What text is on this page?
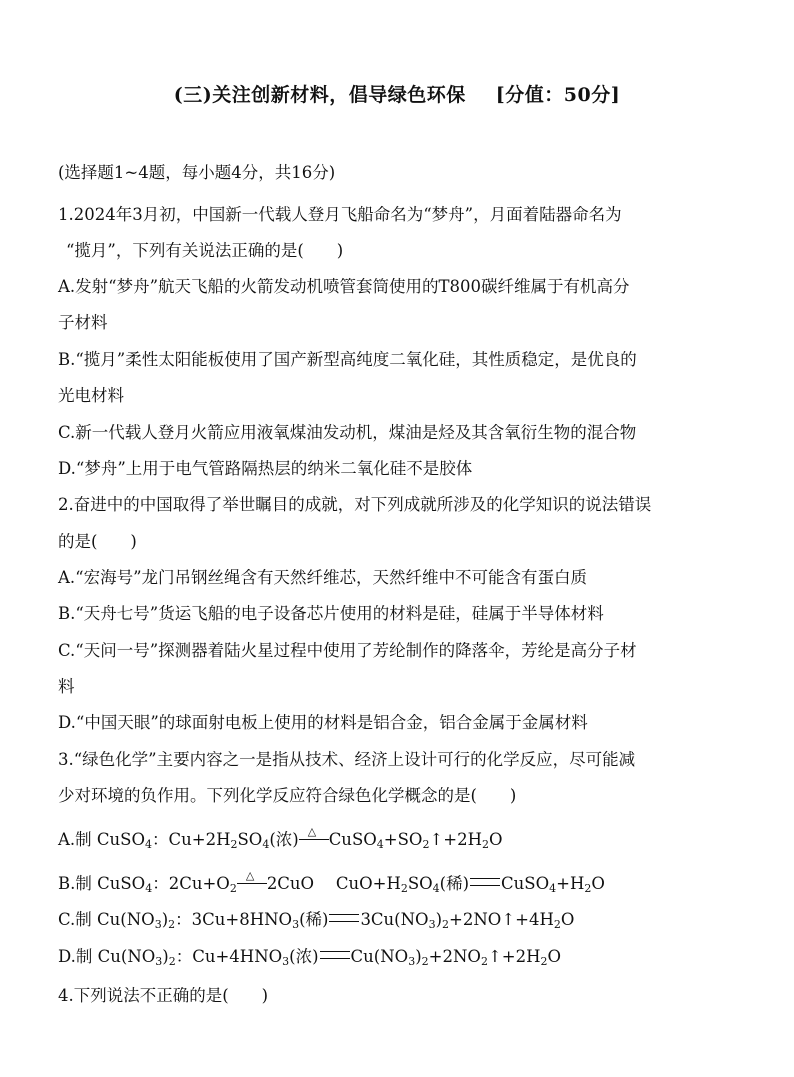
(三)关注创新材料，倡导绿色环保 [分值：50分]
(选择题1~4题，每小题4分，共16分)
1.2024年3月初，中国新一代载人登月飞船命名为“梦舟”，月面着陆器命名为
“揽月”，下列有关说法正确的是(　　)
A.发射“梦舟”航天飞船的火箭发动机喷管套筒使用的T800碳纤维属于有机高分
子材料
B.“揽月”柔性太阳能板使用了国产新型高纯度二氧化硅，其性质稳定，是优良的
光电材料
C.新一代载人登月火箭应用液氧煤油发动机，煤油是烃及其含氧衍生物的混合物
D.“梦舟”上用于电气管路隔热层的纳米二氧化硅不是胶体
2.奋进中的中国取得了举世瞩目的成就，对下列成就所涉及的化学知识的说法错误
的是(　　)
A.“宏海号”龙门吊钢丝绳含有天然纤维芯，天然纤维中不可能含有蛋白质
B.“天舟七号”货运飞船的电子设备芯片使用的材料是硅，硅属于半导体材料
C.“天问一号”探测器着陆火星过程中使用了芳纶制作的降落伞，芳纶是高分子材
料
D.“中国天眼”的球面射电板上使用的材料是铝合金，铝合金属于金属材料
3.“绿色化学”主要内容之一是指从技术、经济上设计可行的化学反应，尽可能减
少对环境的负作用。下列化学反应符合绿色化学概念的是(　　)
A.制 CuSO$_4$：$Cu+2H_2SO_4$(浓) △ $CuSO_4+SO_2↑+2H_2O$
B.制 CuSO$_4$：$2Cu+O_2$
△ 2CuO　 $CuO+H_2SO_4$(稀) $CuSO_4+H_2O$
C.制 $Cu(NO_3)_2$：$3Cu+8HNO_3$(稀) $3Cu(NO_3)_2+2NO↑+4H_2O$
D.制 $Cu(NO_3)_2$：$Cu+4HNO_3$(浓) $Cu(NO_3)_2+2NO_2↑+2H_2O$
4.下列说法不正确的是(　　)
